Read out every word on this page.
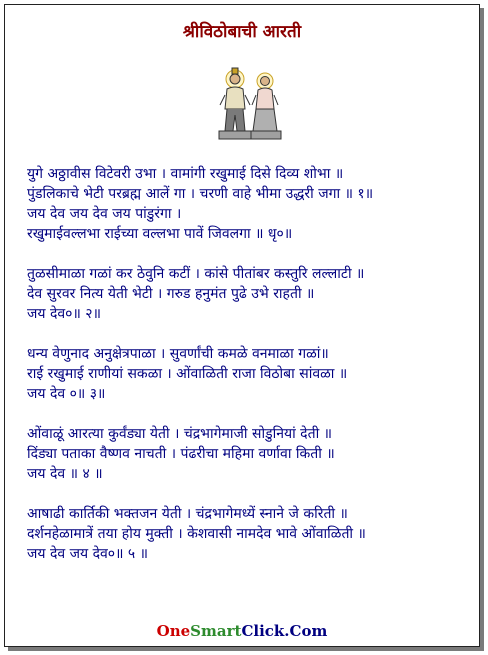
श्रीविठोबाची आरती
युगे अठ्ठावीस विटेवरी उभा । वामांगी रखुमाई दिसे दिव्य शोभा ॥
पुंडलिकाचे भेटी परब्रह्म आलें गा । चरणी वाहे भीमा उद्धरी जगा ॥ १॥
जय देव जय देव जय पांडुरंगा ।
रखुमाईवल्लभा राईच्या वल्लभा पावें जिवलगा ॥ धृ०॥
तुळसीमाळा गळां कर ठेवुनि कटीं । कांसे पीतांबर कस्तुरि लल्लाटी ॥
देव सुरवर नित्य येती भेटी । गरुड हनुमंत पुढे उभे राहती ॥
जय देव०॥ २॥
धन्य वेणुनाद अनुक्षेत्रपाळा । सुवर्णांची कमळे वनमाळा गळां॥
राई रखुमाई राणीयां सकळा । ओंवाळिती राजा विठोबा सांवळा ॥
जय देव ०॥ ३॥
ओंवाळूं आरत्या कुर्वंड्या येती । चंद्रभागेमाजी सोडुनियां देती ॥
दिंड्या पताका वैष्णव नाचती । पंढरीचा महिमा वर्णावा किती ॥
जय देव ॥ ४ ॥
आषाढी कार्तिकी भक्तजन येती । चंद्रभागेमध्यें स्नाने जे करिती ॥
दर्शनहेळामात्रें तया होय मुक्ती । केशवासी नामदेव भावे ओंवाळिती ॥
जय देव जय देव०॥ ५ ॥
OneSmartClick.Com
